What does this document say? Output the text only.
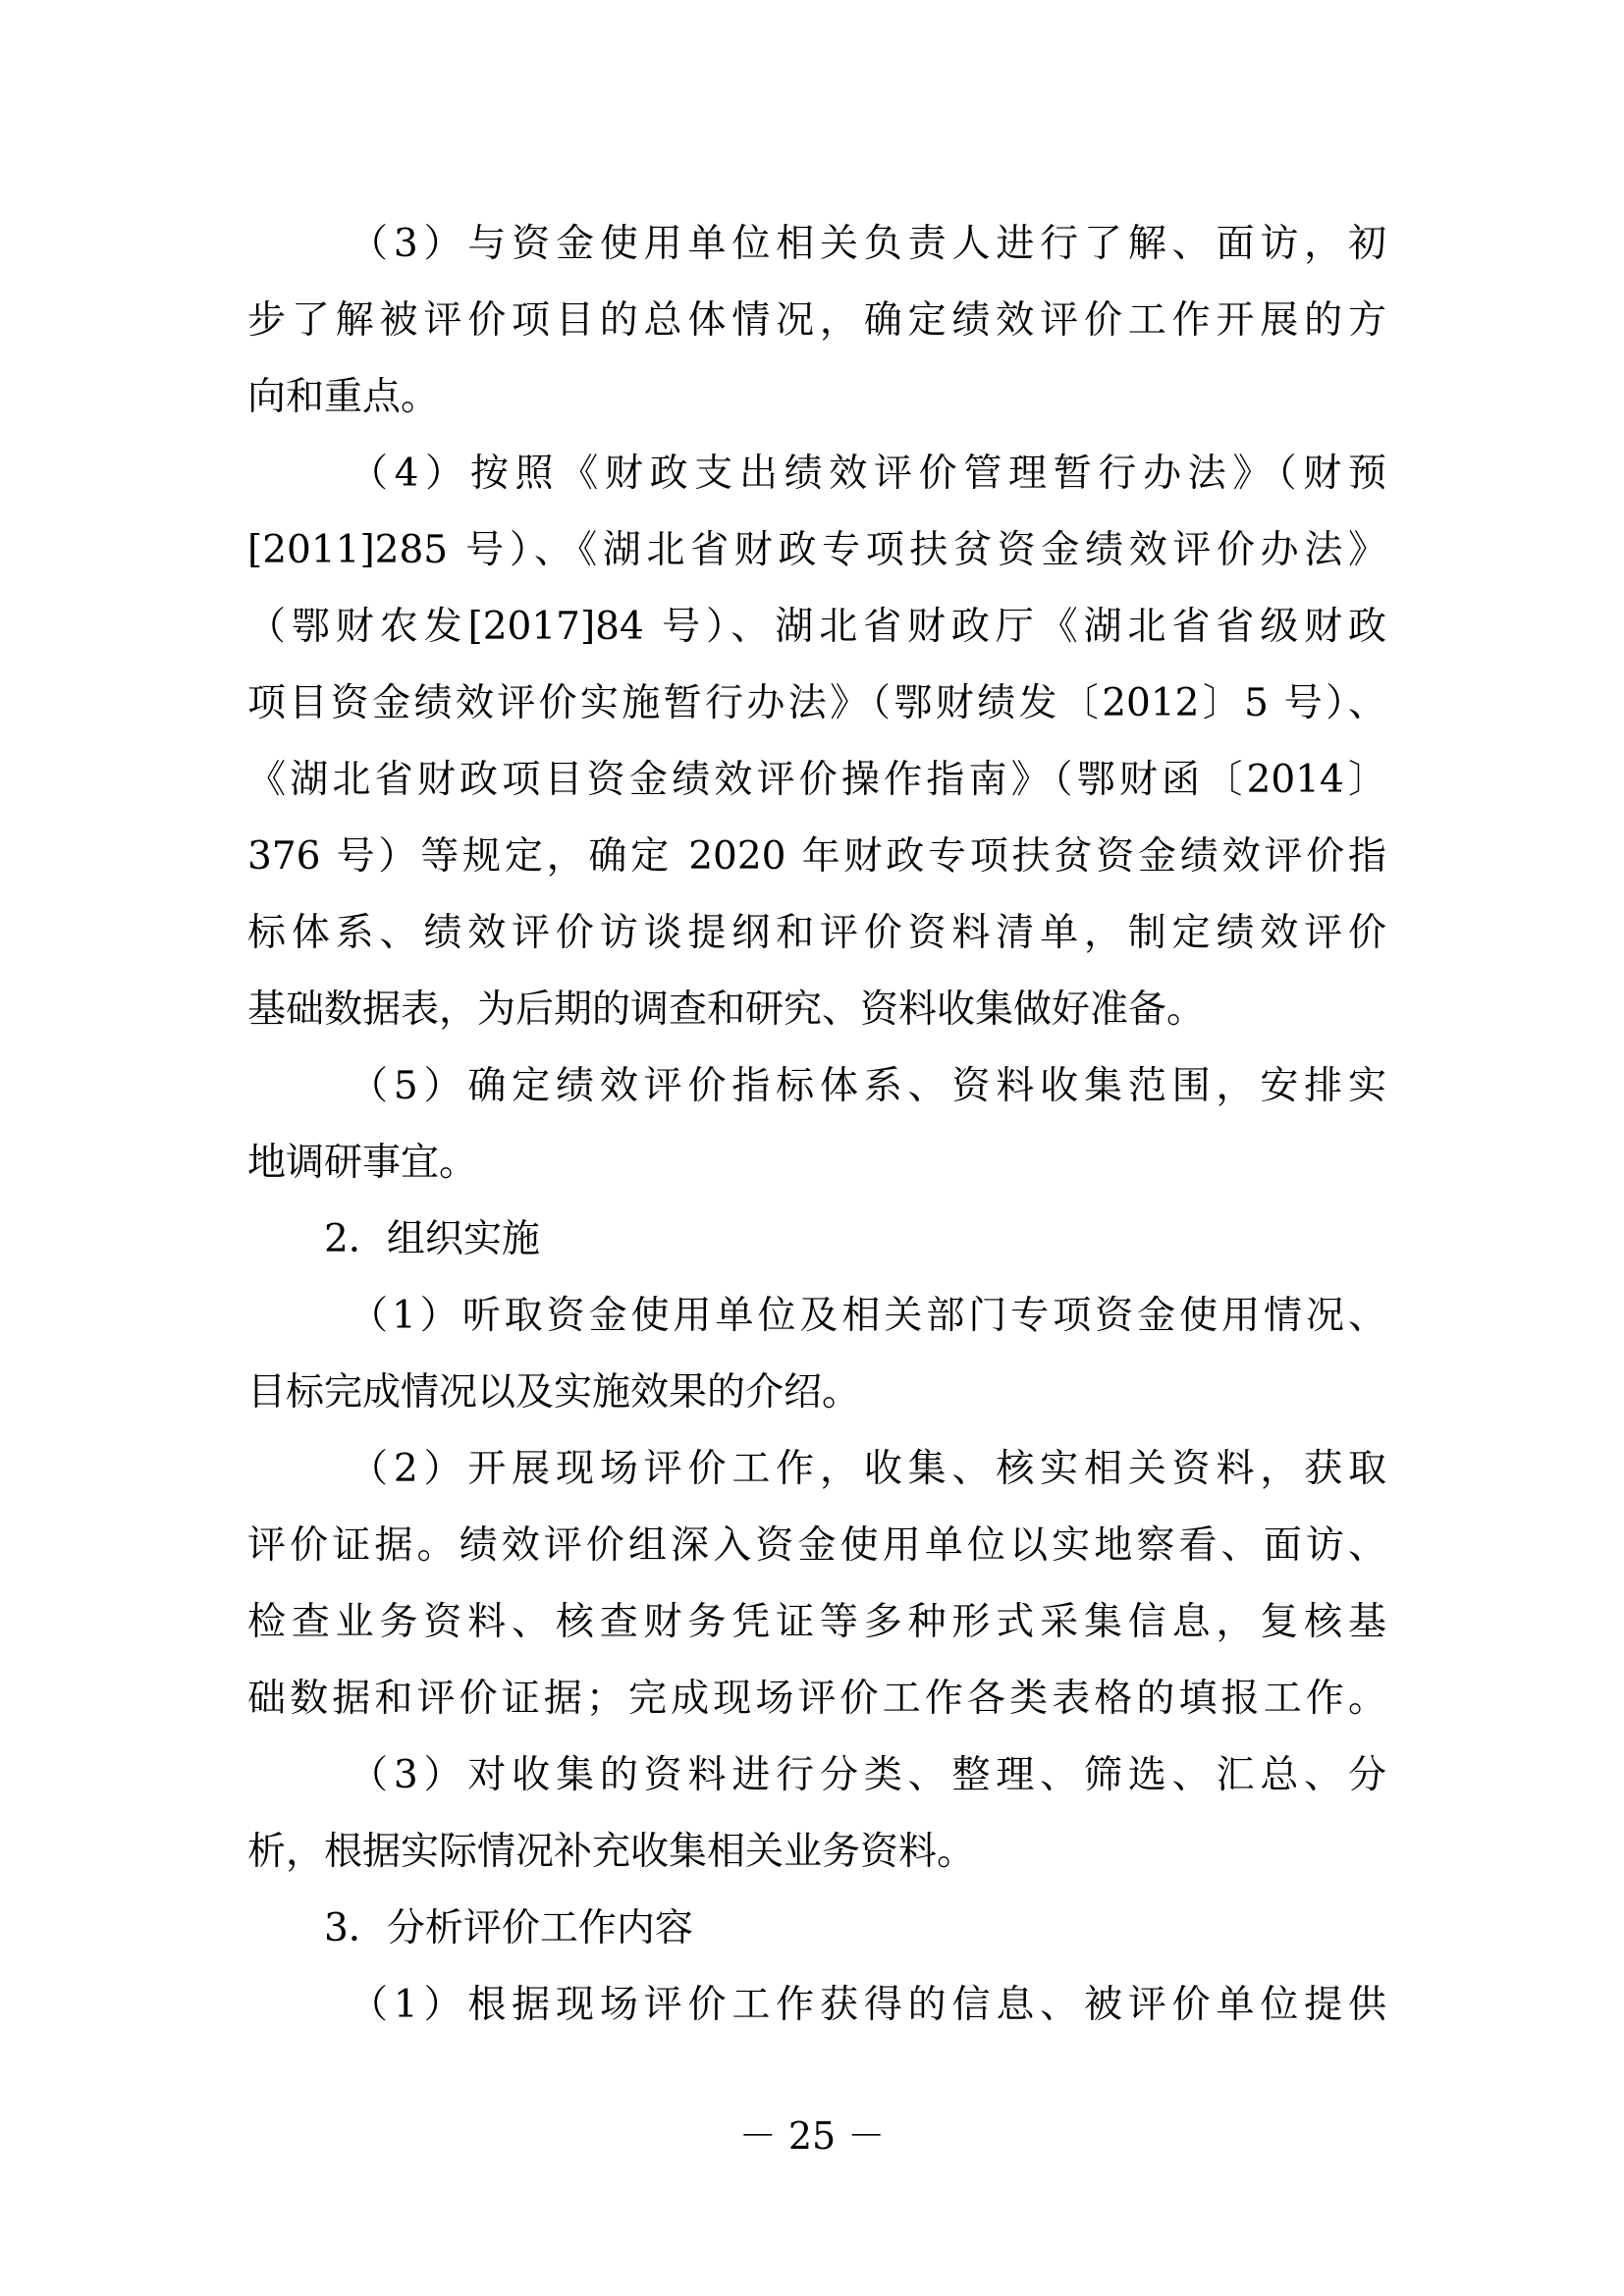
（3）与资金使用单位相关负责人进行了解、面访，初
步了解被评价项目的总体情况，确定绩效评价工作开展的方
向和重点。
（4）按照《财政支出绩效评价管理暂行办法》（财预
[2011]285 号）、《湖北省财政专项扶贫资金绩效评价办法》
（鄂财农发[2017]84 号）、湖北省财政厅《湖北省省级财政
项目资金绩效评价实施暂行办法》（鄂财绩发〔2012〕5 号）、
《湖北省财政项目资金绩效评价操作指南》（鄂财函〔2014〕
376 号）等规定，确定 2020 年财政专项扶贫资金绩效评价指
标体系、绩效评价访谈提纲和评价资料清单，制定绩效评价
基础数据表，为后期的调查和研究、资料收集做好准备。
（5）确定绩效评价指标体系、资料收集范围，安排实
地调研事宜。
2．组织实施
（1）听取资金使用单位及相关部门专项资金使用情况、
目标完成情况以及实施效果的介绍。
（2）开展现场评价工作，收集、核实相关资料，获取
评价证据。绩效评价组深入资金使用单位以实地察看、面访、
检查业务资料、核查财务凭证等多种形式采集信息，复核基
础数据和评价证据；完成现场评价工作各类表格的填报工作。
（3）对收集的资料进行分类、整理、筛选、汇总、分
析，根据实际情况补充收集相关业务资料。
3．分析评价工作内容
（1）根据现场评价工作获得的信息、被评价单位提供
－ 25 －
